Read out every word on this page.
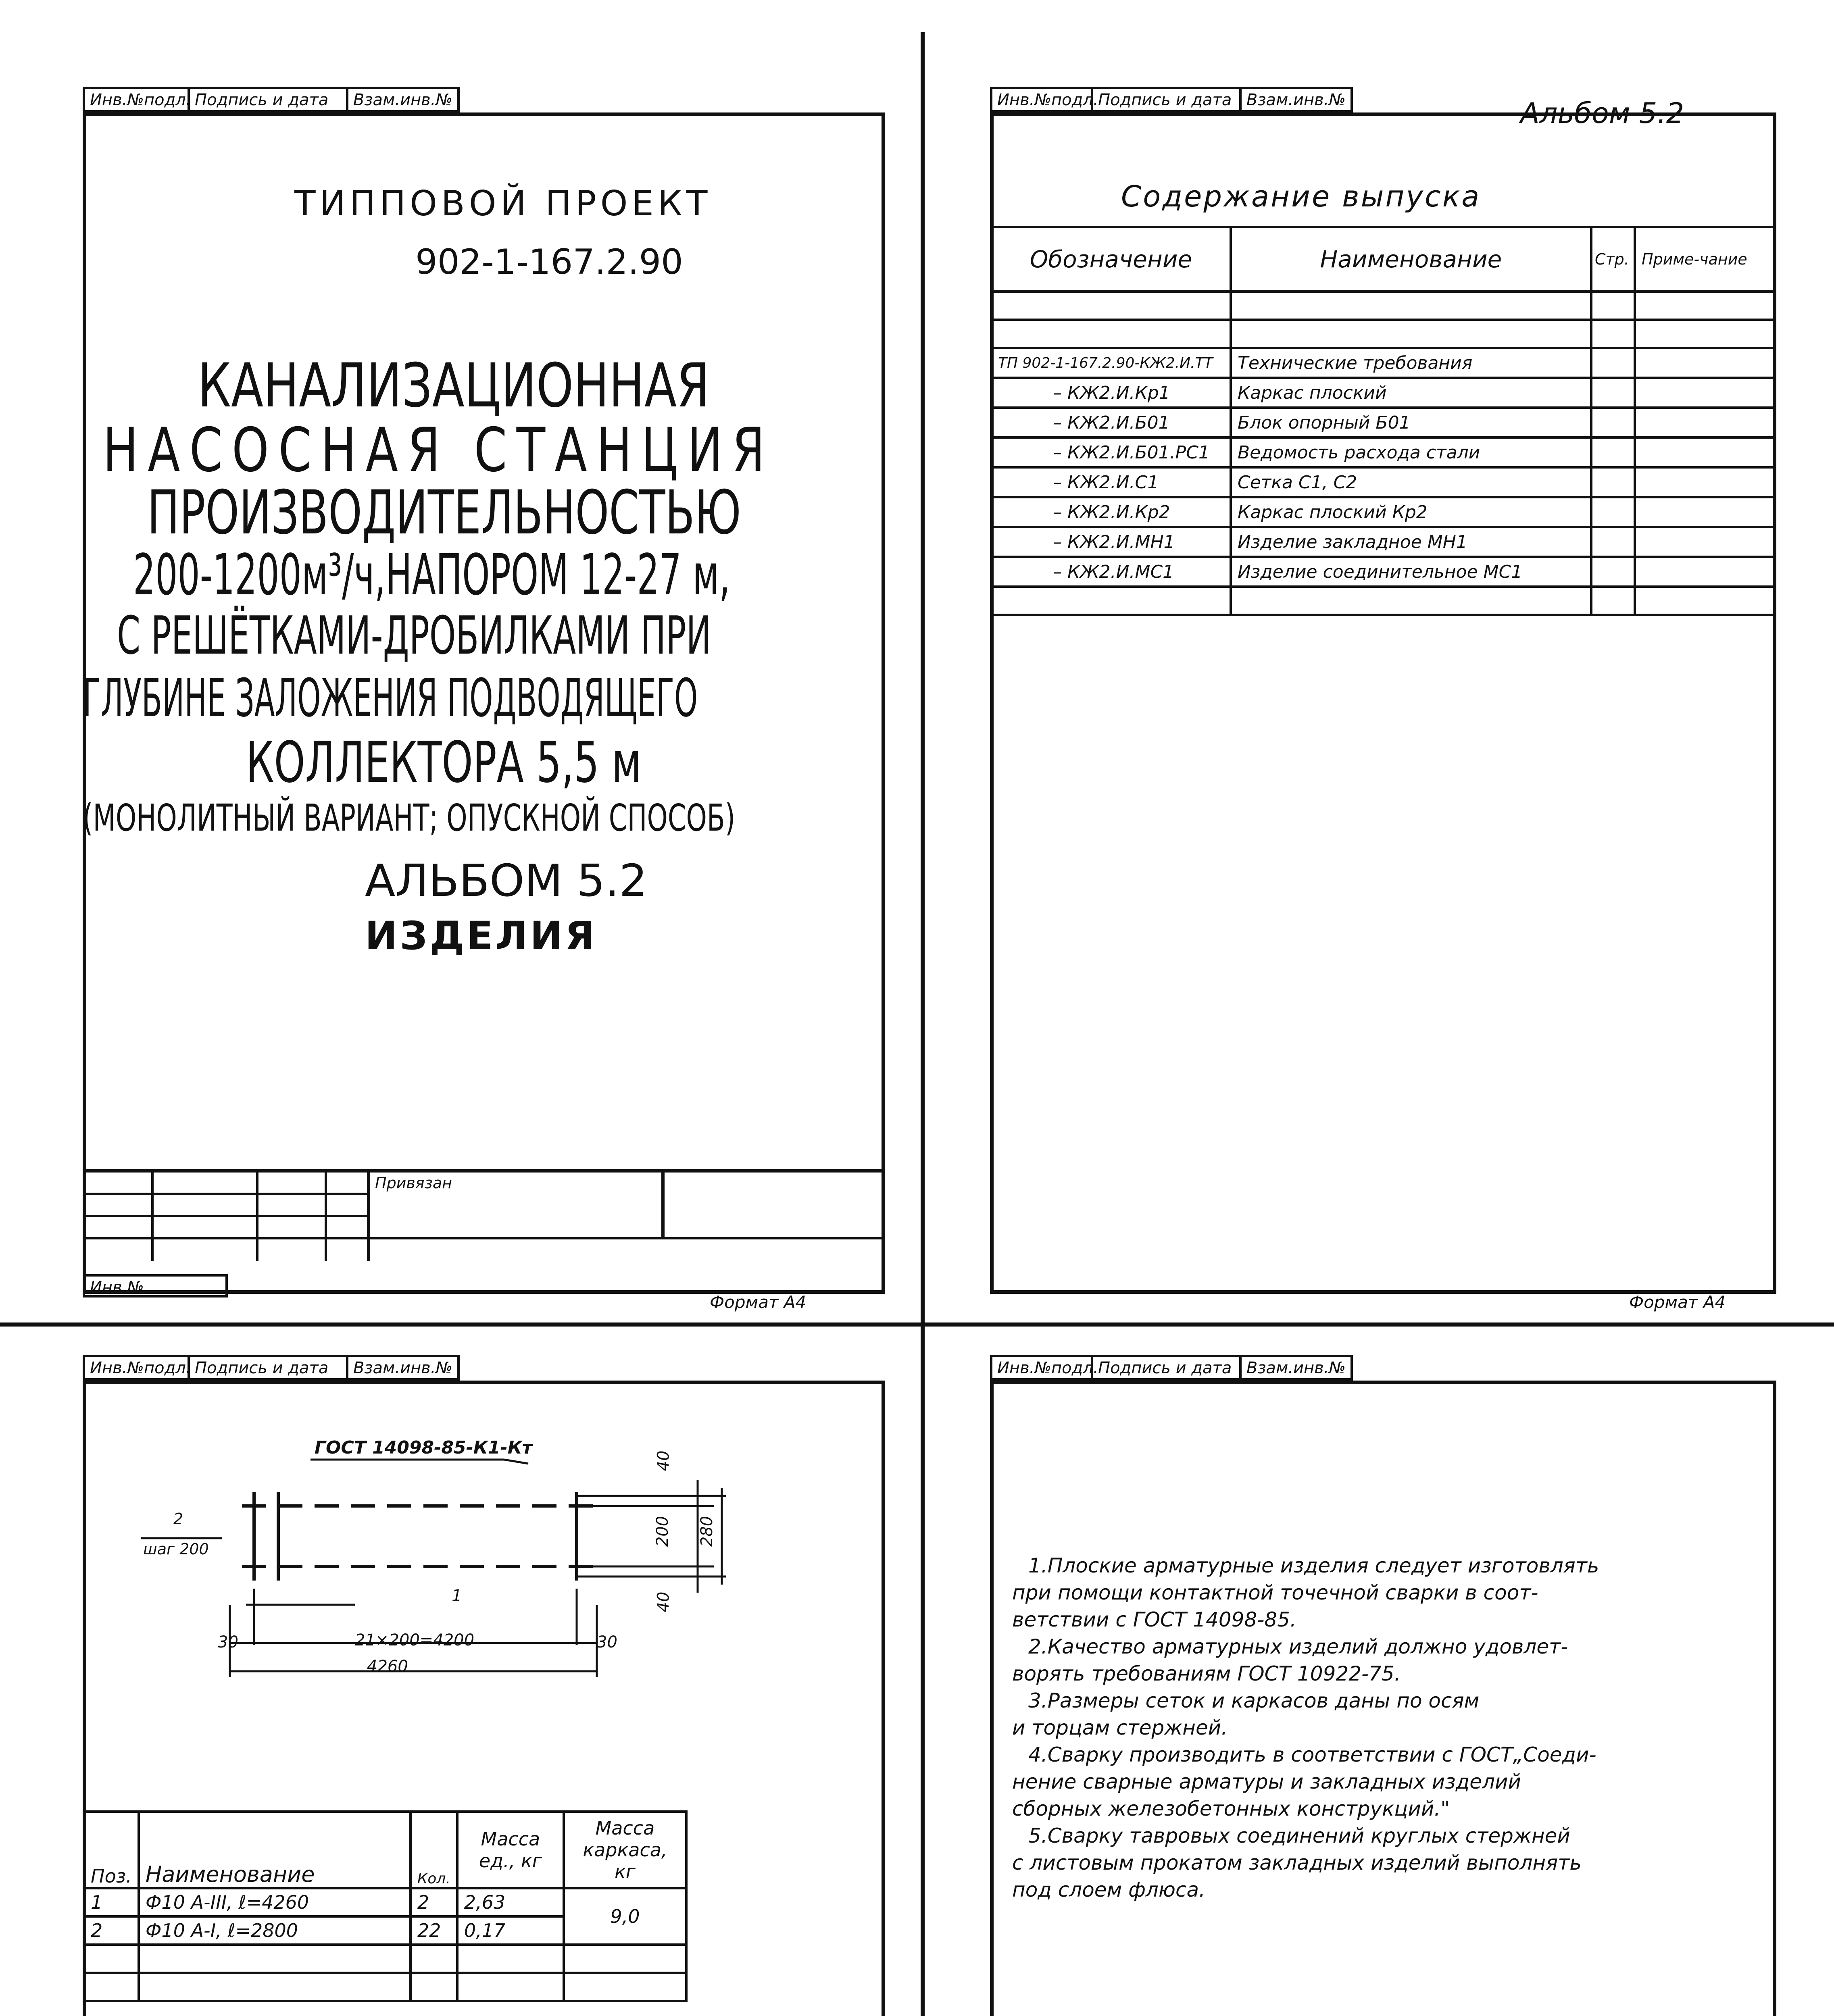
Инв.№подл. Подпись и дата	Взам.инв.№
ТИППОВОЙ ПРОЕКТ
902-1-167.2.90
КАНАЛИЗАЦИОННАЯ
НАСОСНАЯ СТАНЦИЯ
ПРОИЗВОДИТЕЛЬНОСТЬЮ
200-1200м³/ч,НАПОРОМ 12-27 м,
С РЕШЁТКАМИ-ДРОБИЛКАМИ ПРИ
ГЛУБИНЕ ЗАЛОЖЕНИЯ ПОДВОДЯЩЕГО
КОЛЛЕКТОРА 5,5 м
(МОНОЛИТНЫЙ ВАРИАНТ; ОПУСКНОЙ СПОСОБ)
АЛЬБОМ 5.2
ИЗДЕЛИЯ
Привязан
Инв.№
Формат А4
Инв.№подл. Подпись и дата Взам.инв.№	Альбом 5.2
Содержание выпуска
Обозначение	Наименование	Стр.	Приме-чание

ТП 902-1-167.2.90-КЖ2.И.ТТ	Технические требования		
– КЖ2.И.Кр1	Каркас плоский		
– КЖ2.И.Б01	Блок опорный Б01		
– КЖ2.И.Б01.РС1	Ведомость расхода стали		
– КЖ2.И.С1	Сетка С1, С2		
– КЖ2.И.Кр2	Каркас плоский Кр2		
– КЖ2.И.МН1	Изделие закладное МН1		
– КЖ2.И.МС1	Изделие соединительное МС1		

Формат А4
Инв.№подл. Подпись и дата	Взам.инв.№
ГОСТ 14098-85-К1-Кт
40
200 280
40
2
шаг 200
1
30	21×200=4200	30
4260
Поз.	Наименование	Кол.	Масса ед., кг	Масса каркаса, кг
1	Ф10 А-III, ℓ=4260	2	2,63	9,0
2	Ф10 А-I, ℓ=2800	22	0,17	

Инв.№подл. Подпись и дата Взам.инв.№
1.Плоские арматурные изделия следует изготовлять
при помощи контактной точечной сварки в соот-
ветствии с ГОСТ 14098-85.
2.Качество арматурных изделий должно удовлет-
ворять требованиям ГОСТ 10922-75.
3.Размеры сеток и каркасов даны по осям
и торцам стержней.
4.Сварку производить в соответствии с ГОСТ„Соеди-
нение сварные арматуры и закладных изделий
сборных железобетонных конструкций."
5.Сварку тавровых соединений круглых стержней
с листовым прокатом закладных изделий выполнять
под слоем флюса.
